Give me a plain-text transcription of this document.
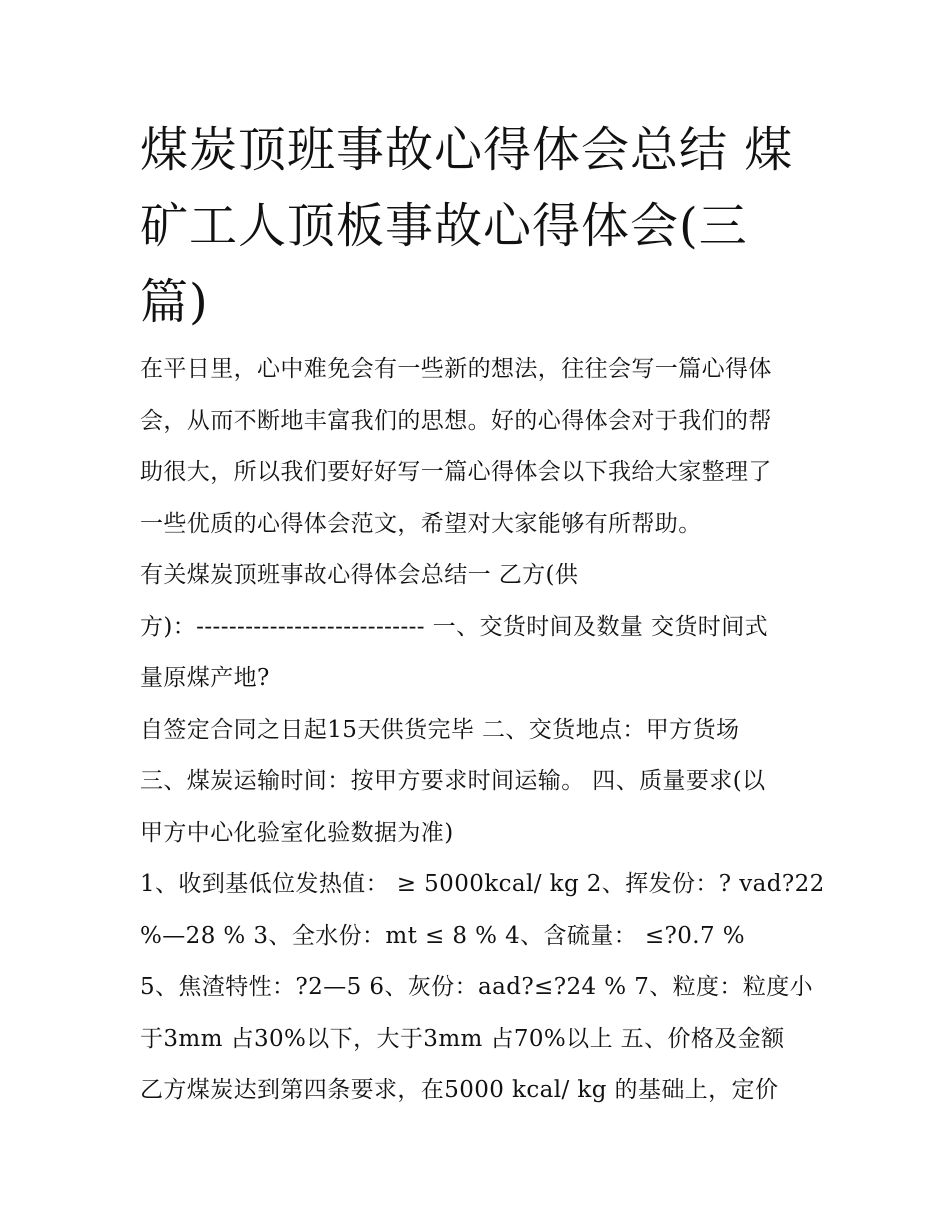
煤炭顶班事故心得体会总结 煤
矿工人顶板事故心得体会(三
篇)
在平日里，心中难免会有一些新的想法，往往会写一篇心得体
会，从而不断地丰富我们的思想。好的心得体会对于我们的帮
助很大，所以我们要好好写一篇心得体会以下我给大家整理了
一些优质的心得体会范文，希望对大家能够有所帮助。
有关煤炭顶班事故心得体会总结一 乙方(供
方)：---------------------------- 一、交货时间及数量 交货时间式
量原煤产地?
自签定合同之日起15天供货完毕 二、交货地点：甲方货场
三、煤炭运输时间：按甲方要求时间运输。 四、质量要求(以
甲方中心化验室化验数据为准)
1、收到基低位发热值： ≥ 5000kcal/ kg 2、挥发份：? vad?22
%—28 % 3、全水份：mt ≤ 8 % 4、含硫量： ≤?0.7 %
5、焦渣特性：?2—5 6、灰份：aad?≤?24 % 7、粒度：粒度小
于3mm 占30%以下，大于3mm 占70%以上 五、价格及金额
乙方煤炭达到第四条要求，在5000 kcal/ kg 的基础上，定价
